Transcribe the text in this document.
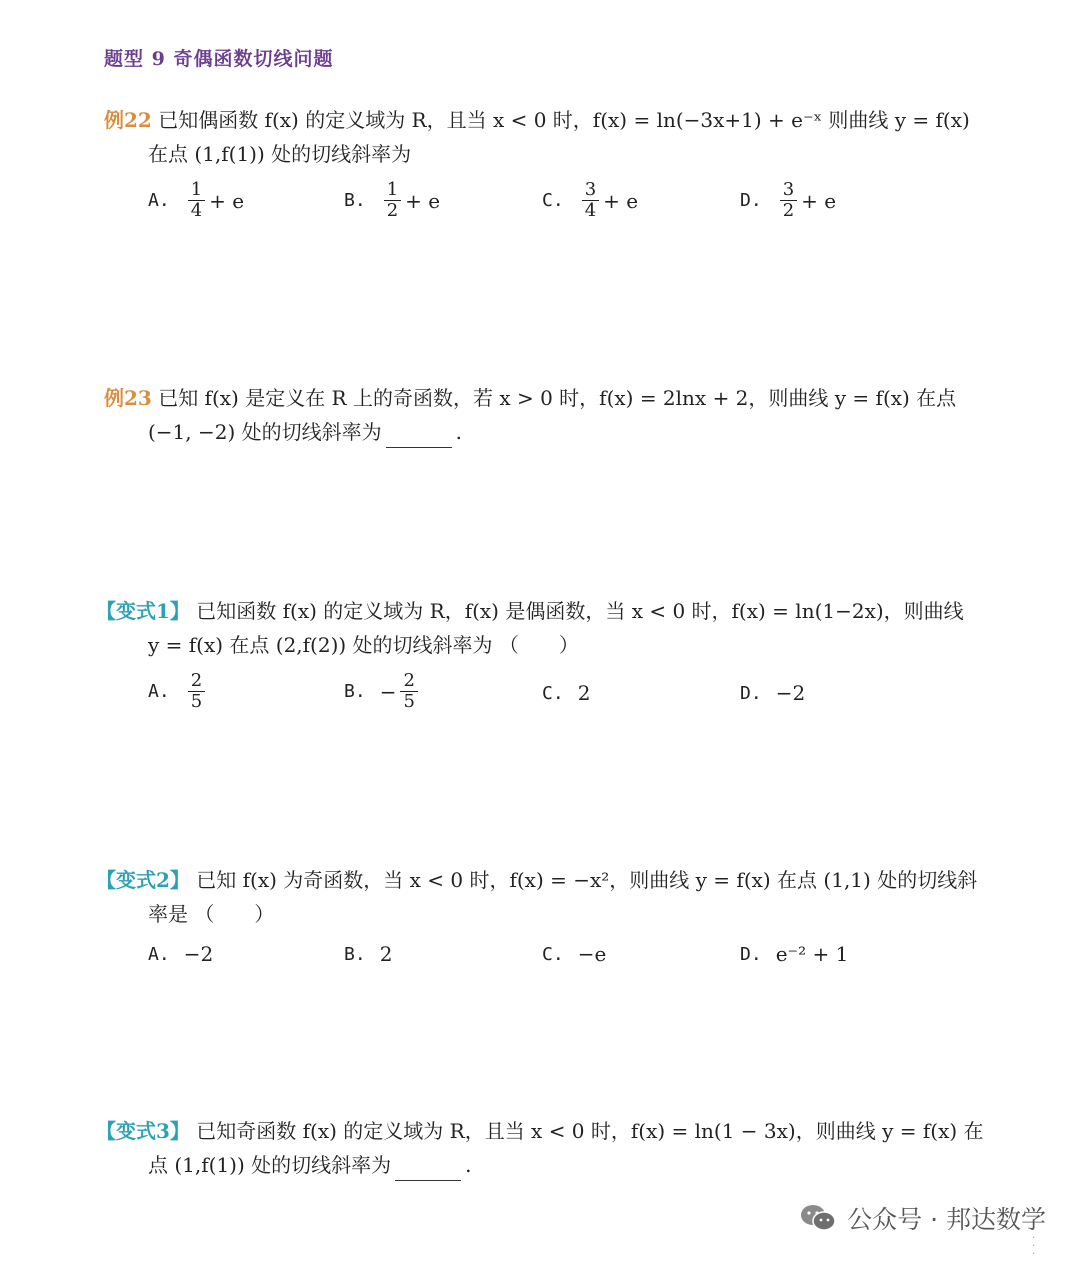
题型 9 奇偶函数切线问题
例22 已知偶函数 f(x) 的定义域为 R，且当 x < 0 时，f(x) = ln(−3x+1) + e⁻ˣ 则曲线 y = f(x)
在点 (1,f(1)) 处的切线斜率为
A. $\frac{1}{4} + e$	B. $\frac{1}{2} + e$	C. $\frac{3}{4} + e$	D. $\frac{3}{2} + e$
例23 已知 f(x) 是定义在 R 上的奇函数，若 x > 0 时，f(x) = 2lnx + 2，则曲线 y = f(x) 在点
(−1, −2) 处的切线斜率为	.
【变式1】 已知函数 f(x) 的定义域为 R，f(x) 是偶函数，当 x < 0 时，f(x) = ln(1−2x)，则曲线
y = f(x) 在点 (2,f(2)) 处的切线斜率为 （　　）
A. $\frac{2}{5}$	B. − $\frac{2}{5}$	C. 2	D. −2
【变式2】 已知 f(x) 为奇函数，当 x < 0 时，f(x) = −x²，则曲线 y = f(x) 在点 (1,1) 处的切线斜
率是 （　　）
A. −2	B. 2	C. −e	D. e⁻² + 1
【变式3】 已知奇函数 f(x) 的定义域为 R，且当 x < 0 时，f(x) = ln(1 − 3x)，则曲线 y = f(x) 在
点 (1,f(1)) 处的切线斜率为	.
公众号 · 邦达数学
·
·
·
